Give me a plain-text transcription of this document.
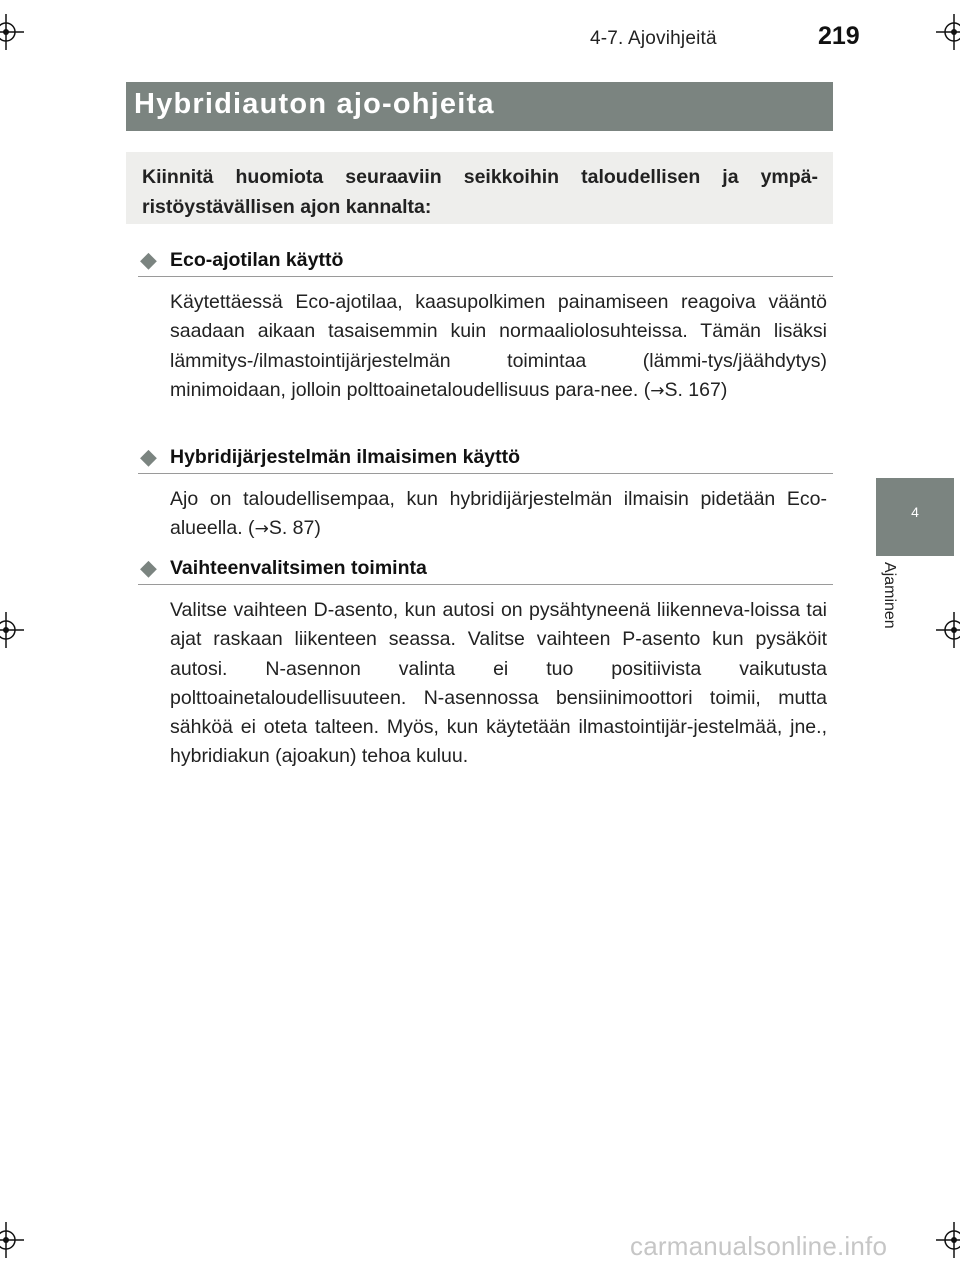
4-7. Ajovihjeitä	219
Hybridiauton ajo-ohjeita

Kiinnitä huomiota seuraaviin seikkoihin taloudellisen ja ympä-ristöystävällisen ajon kannalta:

4
Ajaminen
◆ Eco-ajotilan käyttö

Käytettäessä Eco-ajotilaa, kaasupolkimen painamiseen reagoiva vääntö saadaan aikaan tasaisemmin kuin normaaliolosuhteissa. Tämän lisäksi lämmitys-/ilmastointijärjestelmän toimintaa (lämmi-tys/jäähdytys) minimoidaan, jolloin polttoainetaloudellisuus para-nee. (→S. 167)

◆ Hybridijärjestelmän ilmaisimen käyttö

Ajo on taloudellisempaa, kun hybridijärjestelmän ilmaisin pidetään Eco-alueella. (→S. 87)

◆ Vaihteenvalitsimen toiminta

Valitse vaihteen D-asento, kun autosi on pysähtyneenä liikenneva-loissa tai ajat raskaan liikenteen seassa. Valitse vaihteen P-asento kun pysäköit autosi. N-asennon valinta ei tuo positiivista vaikutusta polttoainetaloudellisuuteen. N-asennossa bensiinimoottori toimii, mutta sähköä ei oteta talteen. Myös, kun käytetään ilmastointijär-jestelmää, jne., hybridiakun (ajoakun) tehoa kuluu.

carmanualsonline.info
